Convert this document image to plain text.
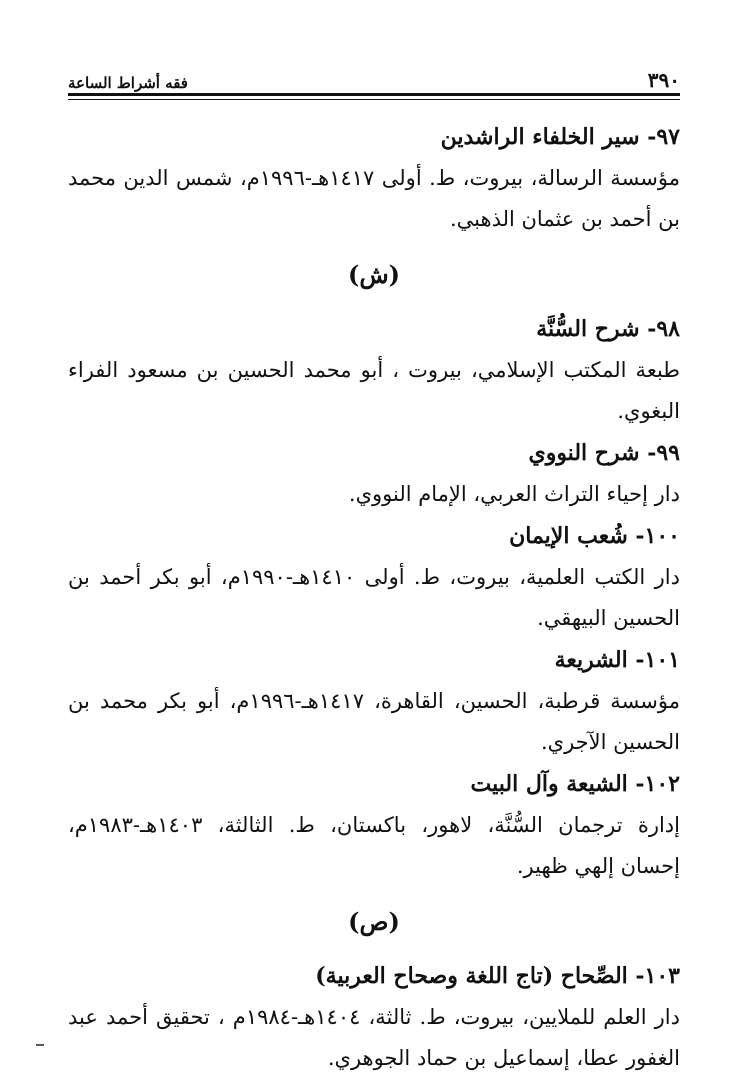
٣٩٠
فقه أشراط الساعة
٩٧- سير الخلفاء الراشدين
مؤسسة الرسالة، بيروت، ط. أولى ١٤١٧هـ-١٩٩٦م، شمس الدين محمد بن أحمد بن عثمان الذهبي.
(ش)
٩٨- شرح السُّنَّة
طبعة المكتب الإسلامي، بيروت ، أبو محمد الحسين بن مسعود الفراء البغوي.
٩٩- شرح النووي
دار إحياء التراث العربي، الإمام النووي.
١٠٠- شُعب الإيمان
دار الكتب العلمية، بيروت، ط. أولى ١٤١٠هـ-١٩٩٠م، أبو بكر أحمد بن الحسين البيهقي.
١٠١- الشريعة
مؤسسة قرطبة، الحسين، القاهرة، ١٤١٧هـ-١٩٩٦م، أبو بكر محمد بن الحسين الآجري.
١٠٢- الشيعة وآل البيت
إدارة ترجمان السُّنَّة، لاهور، باكستان، ط. الثالثة، ١٤٠٣هـ-١٩٨٣م، إحسان إلهي ظهير.
(ص)
١٠٣- الصِّحاح (تاج اللغة وصحاح العربية)
دار العلم للملايين، بيروت، ط. ثالثة، ١٤٠٤هـ-١٩٨٤م ، تحقيق أحمد عبد الغفور عطا، إسماعيل بن حماد الجوهري.
